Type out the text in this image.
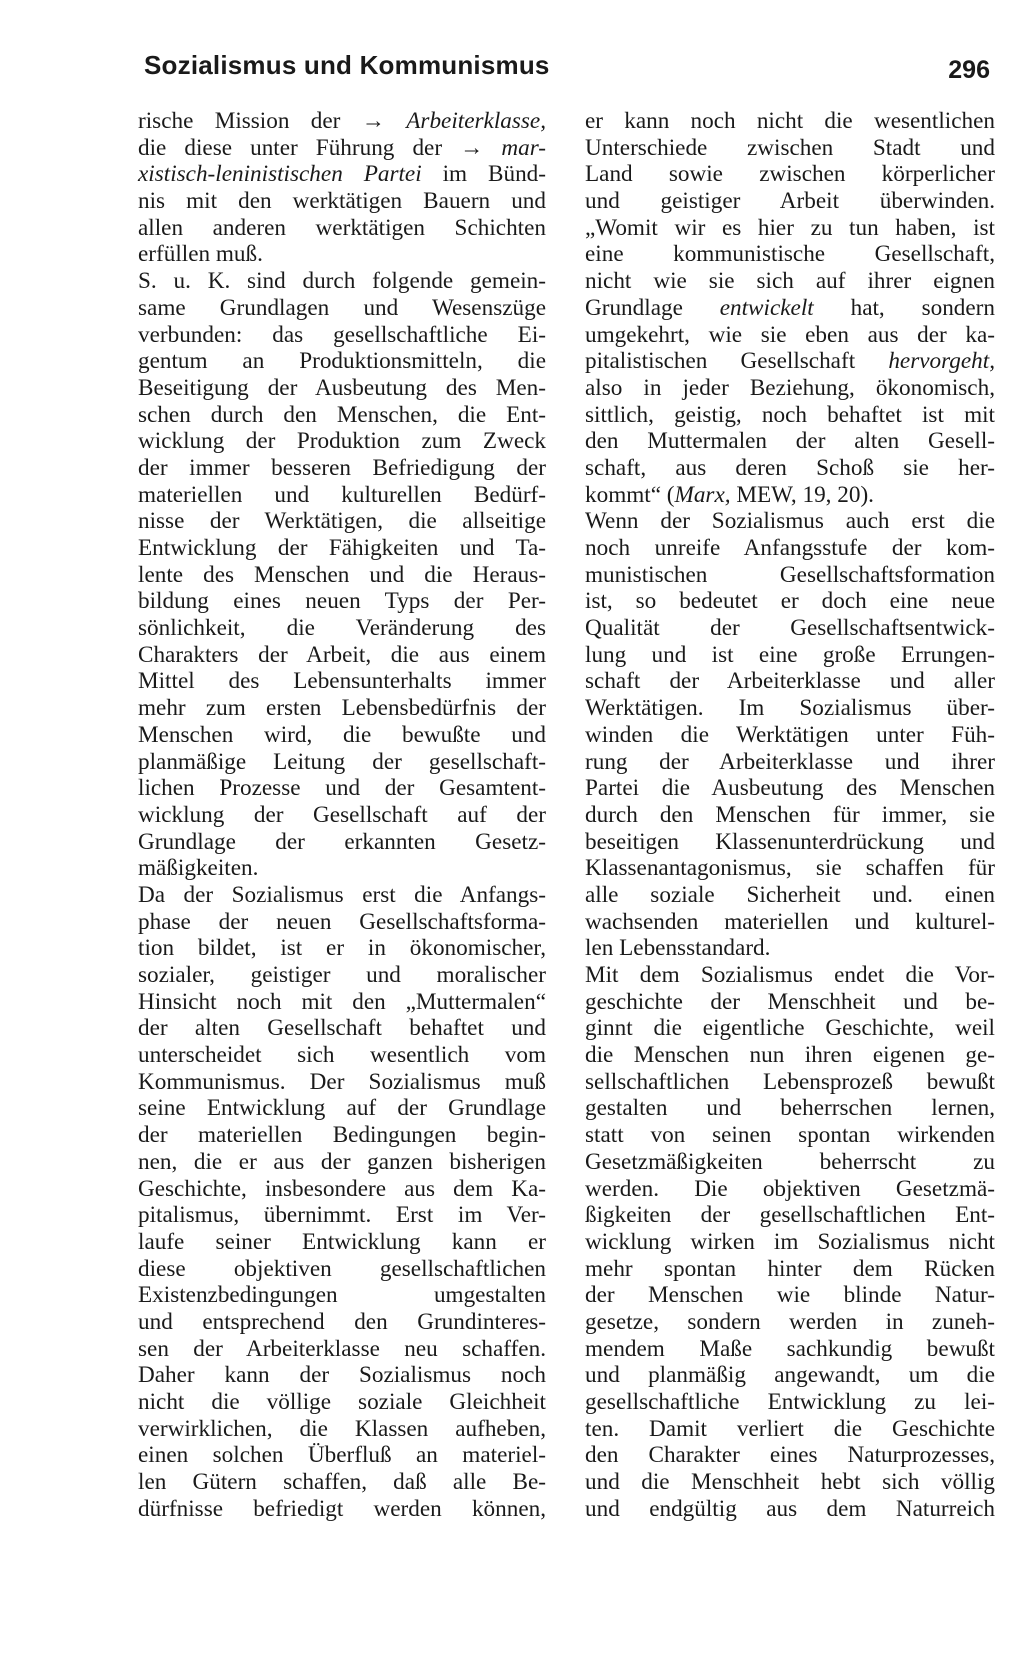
Sozialismus und Kommunismus	296
rische Mission der → Arbeiterklasse,
die diese unter Führung der → mar-
xistisch-leninistischen Partei im Bünd-
nis mit den werktätigen Bauern und
allen anderen werktätigen Schichten
erfüllen muß.
S. u. K. sind durch folgende gemein-
same Grundlagen und Wesenszüge
verbunden: das gesellschaftliche Ei-
gentum an Produktionsmitteln, die
Beseitigung der Ausbeutung des Men-
schen durch den Menschen, die Ent-
wicklung der Produktion zum Zweck
der immer besseren Befriedigung der
materiellen und kulturellen Bedürf-
nisse der Werktätigen, die allseitige
Entwicklung der Fähigkeiten und Ta-
lente des Menschen und die Heraus-
bildung eines neuen Typs der Per-
sönlichkeit, die Veränderung des
Charakters der Arbeit, die aus einem
Mittel des Lebensunterhalts immer
mehr zum ersten Lebensbedürfnis der
Menschen wird, die bewußte und
planmäßige Leitung der gesellschaft-
lichen Prozesse und der Gesamtent-
wicklung der Gesellschaft auf der
Grundlage der erkannten Gesetz-
mäßigkeiten.
Da der Sozialismus erst die Anfangs-
phase der neuen Gesellschaftsforma-
tion bildet, ist er in ökonomischer,
sozialer, geistiger und moralischer
Hinsicht noch mit den „Muttermalen“
der alten Gesellschaft behaftet und
unterscheidet sich wesentlich vom
Kommunismus. Der Sozialismus muß
seine Entwicklung auf der Grundlage
der materiellen Bedingungen begin-
nen, die er aus der ganzen bisherigen
Geschichte, insbesondere aus dem Ka-
pitalismus, übernimmt. Erst im Ver-
laufe seiner Entwicklung kann er
diese objektiven gesellschaftlichen
Existenzbedingungen umgestalten
und entsprechend den Grundinteres-
sen der Arbeiterklasse neu schaffen.
Daher kann der Sozialismus noch
nicht die völlige soziale Gleichheit
verwirklichen, die Klassen aufheben,
einen solchen Überfluß an materiel-
len Gütern schaffen, daß alle Be-
dürfnisse befriedigt werden können,
er kann noch nicht die wesentlichen
Unterschiede zwischen Stadt und
Land sowie zwischen körperlicher
und geistiger Arbeit überwinden.
„Womit wir es hier zu tun haben, ist
eine kommunistische Gesellschaft,
nicht wie sie sich auf ihrer eignen
Grundlage entwickelt hat, sondern
umgekehrt, wie sie eben aus der ka-
pitalistischen Gesellschaft hervorgeht,
also in jeder Beziehung, ökonomisch,
sittlich, geistig, noch behaftet ist mit
den Muttermalen der alten Gesell-
schaft, aus deren Schoß sie her-
kommt“ (Marx, MEW, 19, 20).
Wenn der Sozialismus auch erst die
noch unreife Anfangsstufe der kom-
munistischen Gesellschaftsformation
ist, so bedeutet er doch eine neue
Qualität der Gesellschaftsentwick-
lung und ist eine große Errungen-
schaft der Arbeiterklasse und aller
Werktätigen. Im Sozialismus über-
winden die Werktätigen unter Füh-
rung der Arbeiterklasse und ihrer
Partei die Ausbeutung des Menschen
durch den Menschen für immer, sie
beseitigen Klassenunterdrückung und
Klassenantagonismus, sie schaffen für
alle soziale Sicherheit und. einen
wachsenden materiellen und kulturel-
len Lebensstandard.
Mit dem Sozialismus endet die Vor-
geschichte der Menschheit und be-
ginnt die eigentliche Geschichte, weil
die Menschen nun ihren eigenen ge-
sellschaftlichen Lebensprozeß bewußt
gestalten und beherrschen lernen,
statt von seinen spontan wirkenden
Gesetzmäßigkeiten beherrscht zu
werden. Die objektiven Gesetzmä-
ßigkeiten der gesellschaftlichen Ent-
wicklung wirken im Sozialismus nicht
mehr spontan hinter dem Rücken
der Menschen wie blinde Natur-
gesetze, sondern werden in zuneh-
mendem Maße sachkundig bewußt
und planmäßig angewandt, um die
gesellschaftliche Entwicklung zu lei-
ten. Damit verliert die Geschichte
den Charakter eines Naturprozesses,
und die Menschheit hebt sich völlig
und endgültig aus dem Naturreich
